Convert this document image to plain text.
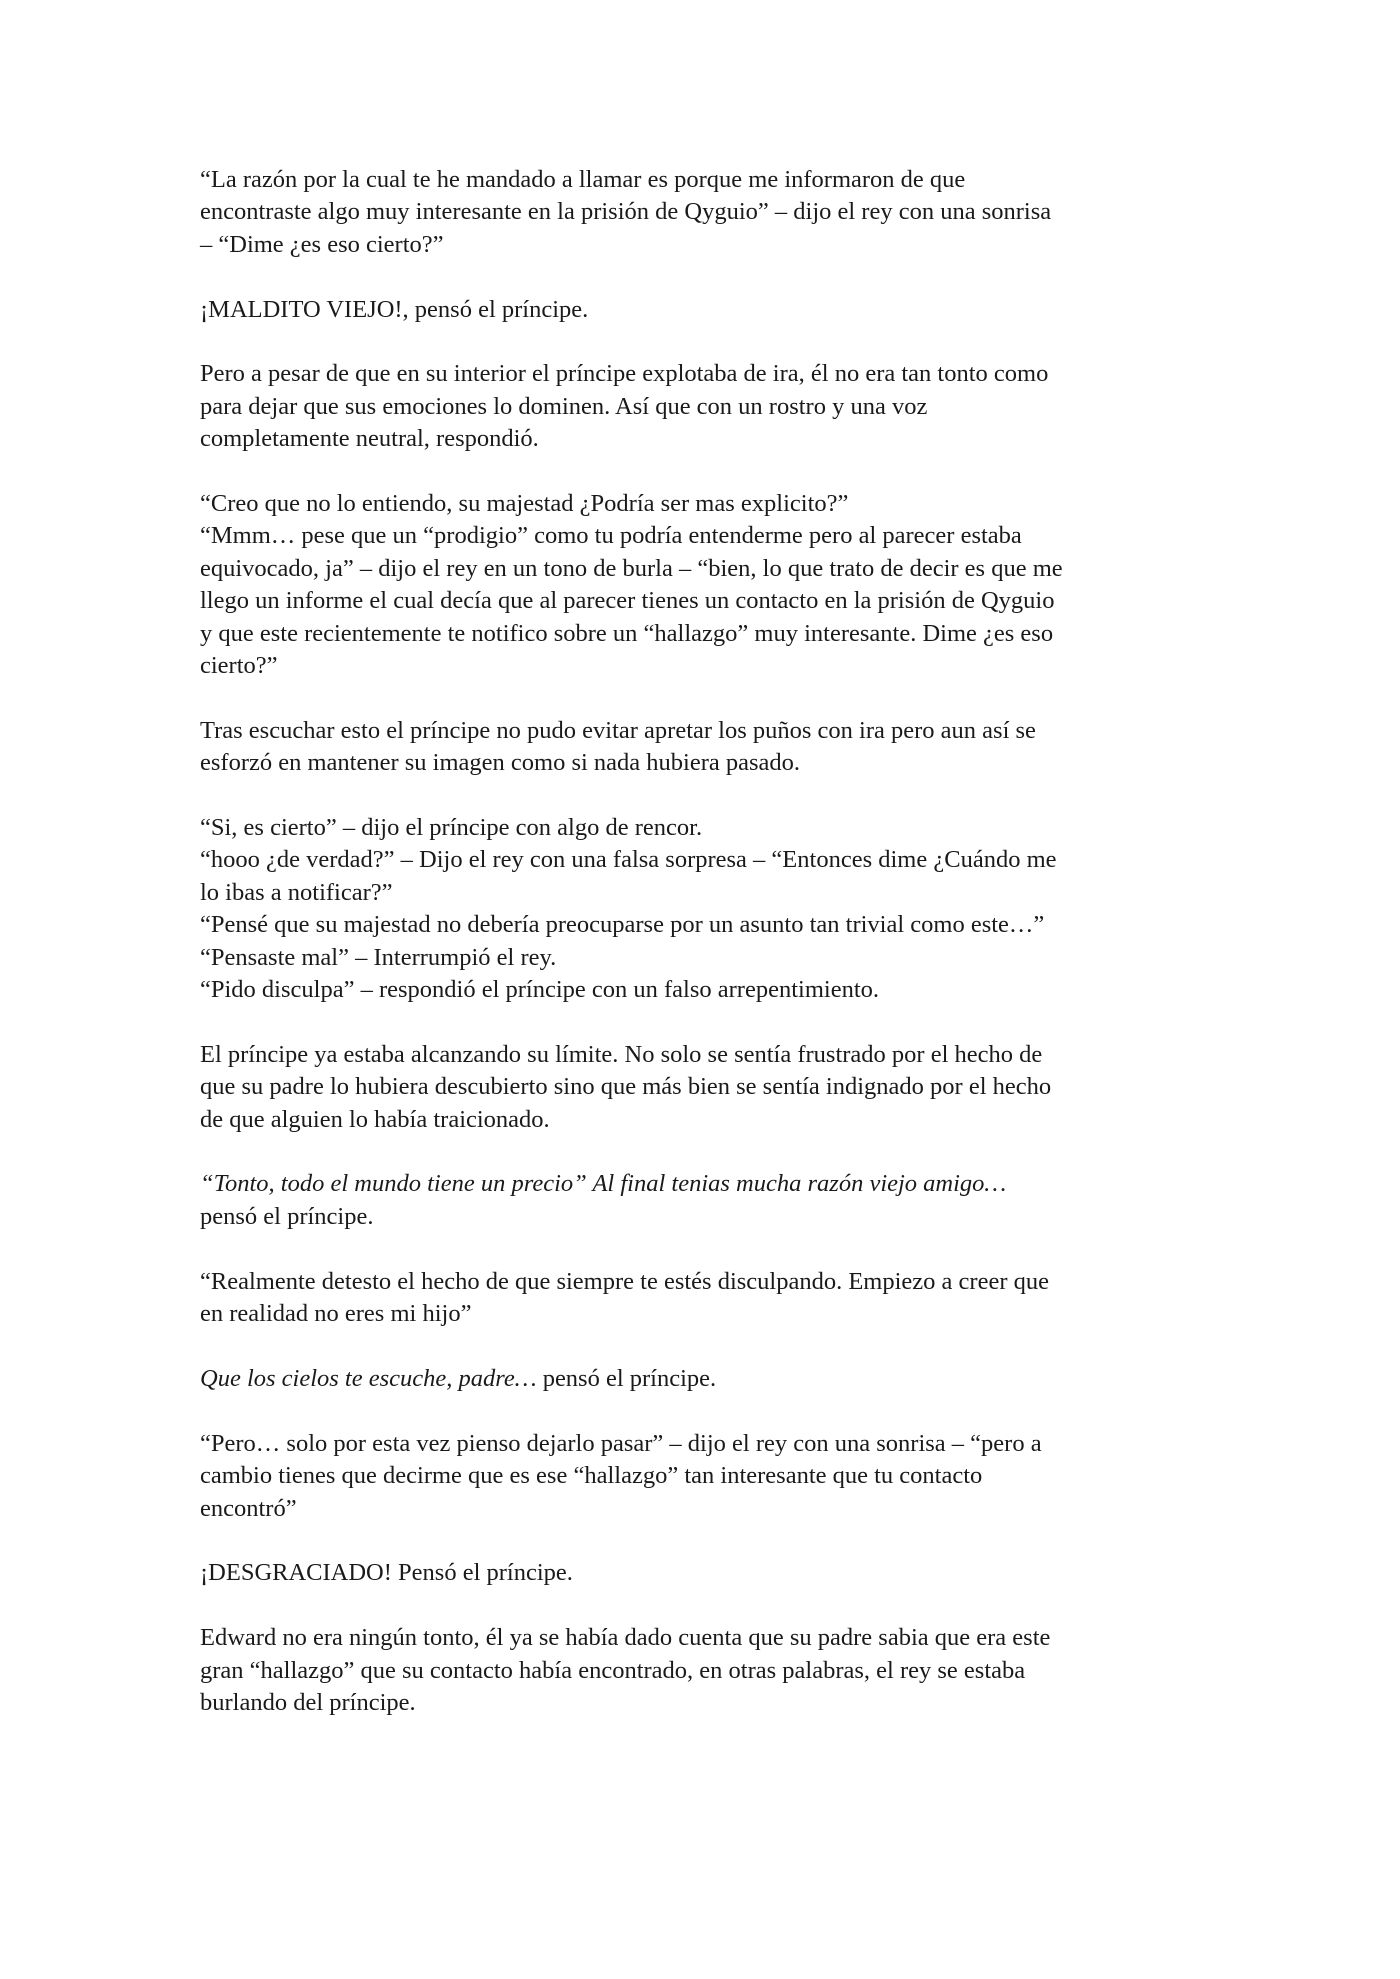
“La razón por la cual te he mandado a llamar es porque me informaron de que
encontraste algo muy interesante en la prisión de Qyguio” – dijo el rey con una sonrisa
– “Dime ¿es eso cierto?”

¡MALDITO VIEJO!, pensó el príncipe.

Pero a pesar de que en su interior el príncipe explotaba de ira, él no era tan tonto como
para dejar que sus emociones lo dominen. Así que con un rostro y una voz
completamente neutral, respondió.

“Creo que no lo entiendo, su majestad ¿Podría ser mas explicito?”
“Mmm… pese que un “prodigio” como tu podría entenderme pero al parecer estaba
equivocado, ja” – dijo el rey en un tono de burla – “bien, lo que trato de decir es que me
llego un informe el cual decía que al parecer tienes un contacto en la prisión de Qyguio
y que este recientemente te notifico sobre un “hallazgo” muy interesante. Dime ¿es eso
cierto?”

Tras escuchar esto el príncipe no pudo evitar apretar los puños con ira pero aun así se
esforzó en mantener su imagen como si nada hubiera pasado.

“Si, es cierto” – dijo el príncipe con algo de rencor.
“hooo ¿de verdad?” – Dijo el rey con una falsa sorpresa – “Entonces dime ¿Cuándo me
lo ibas a notificar?”
“Pensé que su majestad no debería preocuparse por un asunto tan trivial como este…”
“Pensaste mal” – Interrumpió el rey.
“Pido disculpa” – respondió el príncipe con un falso arrepentimiento.

El príncipe ya estaba alcanzando su límite. No solo se sentía frustrado por el hecho de
que su padre lo hubiera descubierto sino que más bien se sentía indignado por el hecho
de que alguien lo había traicionado.

“Tonto, todo el mundo tiene un precio” Al final tenias mucha razón viejo amigo…
pensó el príncipe.

“Realmente detesto el hecho de que siempre te estés disculpando. Empiezo a creer que
en realidad no eres mi hijo”

Que los cielos te escuche, padre… pensó el príncipe.

“Pero… solo por esta vez pienso dejarlo pasar” – dijo el rey con una sonrisa – “pero a
cambio tienes que decirme que es ese “hallazgo” tan interesante que tu contacto
encontró”

¡DESGRACIADO! Pensó el príncipe.

Edward no era ningún tonto, él ya se había dado cuenta que su padre sabia que era este
gran “hallazgo” que su contacto había encontrado, en otras palabras, el rey se estaba
burlando del príncipe.
